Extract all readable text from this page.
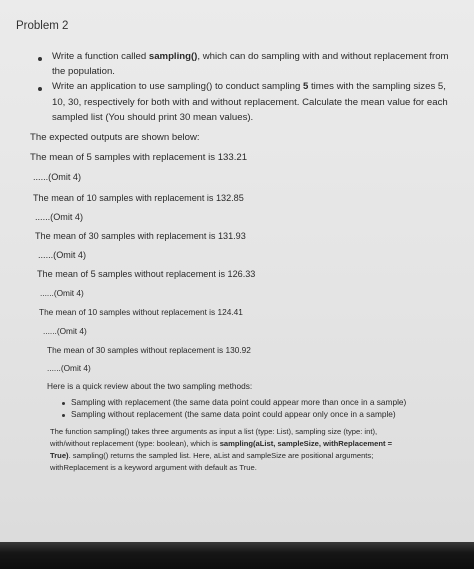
Problem 2
Write a function called sampling(), which can do sampling with and without replacement from
the population.
Write an application to use sampling() to conduct sampling 5 times with the sampling sizes 5,
10, 30, respectively for both with and without replacement. Calculate the mean value for each
sampled list (You should print 30 mean values).
The expected outputs are shown below:
The mean of 5 samples with replacement is 133.21
......(Omit 4)
The mean of 10 samples with replacement is 132.85
......(Omit 4)
The mean of 30 samples with replacement is 131.93
......(Omit 4)
The mean of 5 samples without replacement is 126.33
......(Omit 4)
The mean of 10 samples without replacement is 124.41
......(Omit 4)
The mean of 30 samples without replacement is 130.92
......(Omit 4)
Here is a quick review about the two sampling methods:
Sampling with replacement (the same data point could appear more than once in a sample)
Sampling without replacement (the same data point could appear only once in a sample)
The function sampling() takes three arguments as input a list (type: List), sampling size (type: int),
with/without replacement (type: boolean), which is sampling(aList, sampleSize, withReplacement =
True). sampling() returns the sampled list. Here, aList and sampleSize are positional arguments;
withReplacement is a keyword argument with default as True.
